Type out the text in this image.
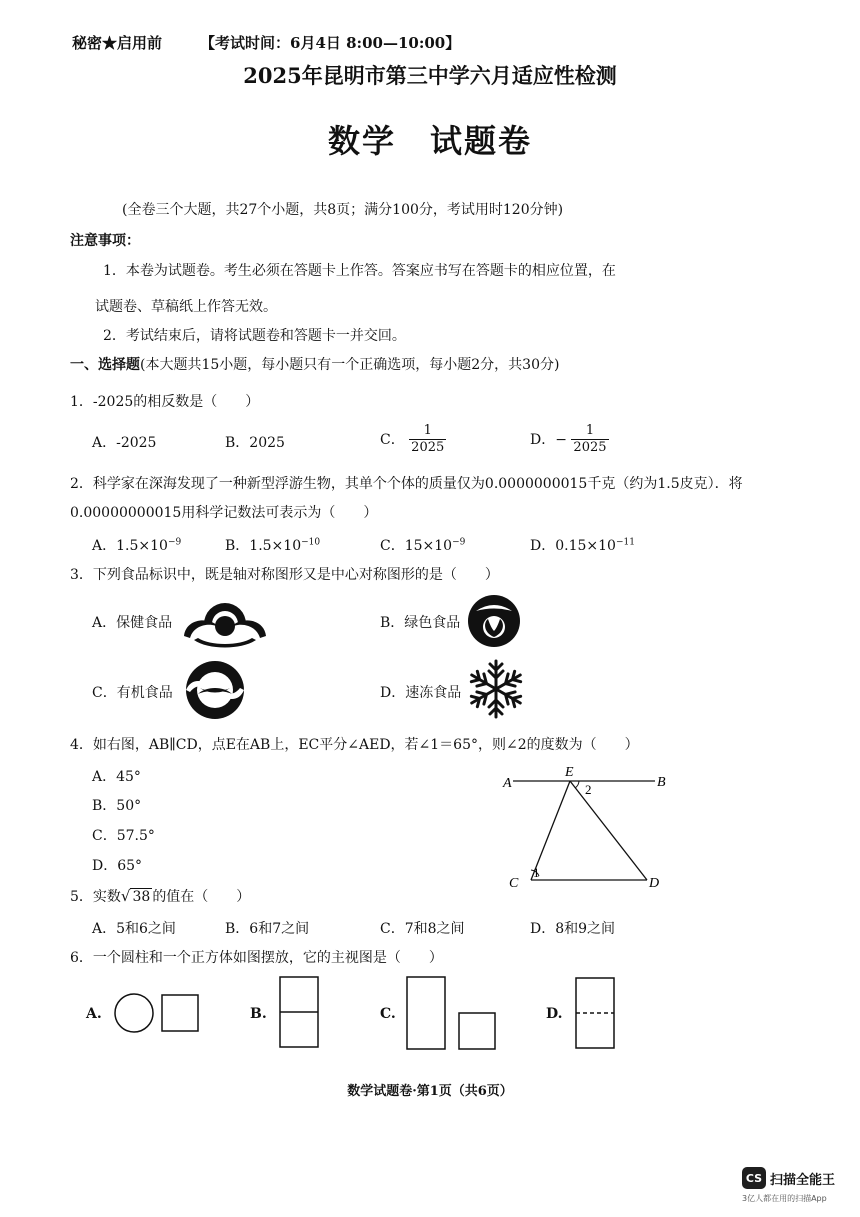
秘密★启用前	【考试时间：6月4日 8:00—10:00】
2025年昆明市第三中学六月适应性检测
数学　试题卷
(全卷三个大题，共27个小题，共8页；满分100分，考试用时120分钟)
注意事项：
1．本卷为试题卷。考生必须在答题卡上作答。答案应书写在答题卡的相应位置，在
试题卷、草稿纸上作答无效。
2．考试结束后，请将试题卷和答题卡一并交回。
一、选择题(本大题共15小题，每小题只有一个正确选项，每小题2分，共30分)
1．-2025的相反数是（　　）
A．-2025	B．2025	C． $\frac{1}{2025}$	D．− $\frac{1}{2025}$
2．科学家在深海发现了一种新型浮游生物，其单个个体的质量仅为0.0000000015千克（约为1.5皮克）．将
0.00000000015用科学记数法可表示为（　　）
A．$1.5\times 10^{-9}$	B．$1.5\times 10^{-10}$	C．$15\times 10^{-9}$	D．$0.15\times 10^{-11}$
3．下列食品标识中，既是轴对称图形又是中心对称图形的是（　　）
A．保健食品	B．绿色食品
C．有机食品	D．速冻食品
4．如右图，AB∥CD，点E在AB上，EC平分∠AED，若∠1＝65°，则∠2的度数为（　　）
A．45°
B．50°
C．57.5°
D．65°
A	B
E
2
C
1
D
5．实数√ 38 的值在（　　）
A．5和6之间	B．6和7之间	C．7和8之间	D．8和9之间
6．一个圆柱和一个正方体如图摆放，它的主视图是（　　）
A.	B.	C.	D.
数学试题卷·第1页（共6页）
CS 扫描全能王
3亿人都在用的扫描App
